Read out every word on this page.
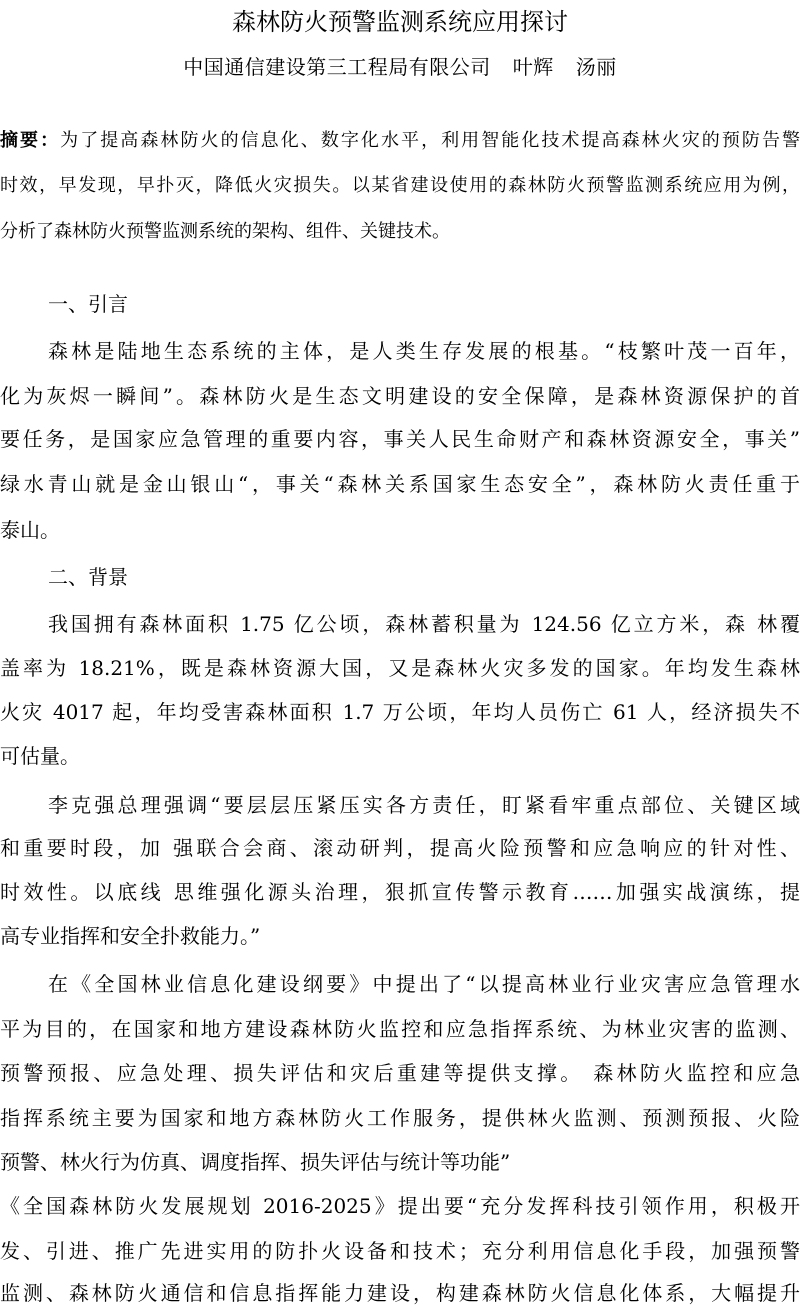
森林防火预警监测系统应用探讨
中国通信建设第三工程局有限公司 叶辉 汤丽
摘要：为了提高森林防火的信息化、数字化水平，利用智能化技术提高森林火灾的预防告警
时效，早发现，早扑灭，降低火灾损失。以某省建设使用的森林防火预警监测系统应用为例，
分析了森林防火预警监测系统的架构、组件、关键技术。
一、引言
森林是陆地生态系统的主体，是人类生存发展的根基。“枝繁叶茂一百年，
化为灰烬一瞬间”。森林防火是生态文明建设的安全保障，是森林资源保护的首
要任务，是国家应急管理的重要内容，事关人民生命财产和森林资源安全，事关”
绿水青山就是金山银山“，事关“森林关系国家生态安全”，森林防火责任重于
泰山。
二、背景
我国拥有森林面积 1.75 亿公顷，森林蓄积量为 124.56 亿立方米，森 林覆
盖率为 18.21%，既是森林资源大国，又是森林火灾多发的国家。年均发生森林
火灾 4017 起，年均受害森林面积 1.7 万公顷，年均人员伤亡 61 人，经济损失不
可估量。
李克强总理强调“要层层压紧压实各方责任，盯紧看牢重点部位、关键区域
和重要时段，加 强联合会商、滚动研判，提高火险预警和应急响应的针对性、
时效性。以底线 思维强化源头治理，狠抓宣传警示教育……加强实战演练，提
高专业指挥和安全扑救能力。”
在《全国林业信息化建设纲要》中提出了“以提高林业行业灾害应急管理水
平为目的，在国家和地方建设森林防火监控和应急指挥系统、为林业灾害的监测、
预警预报、应急处理、损失评估和灾后重建等提供支撑。 森林防火监控和应急
指挥系统主要为国家和地方森林防火工作服务，提供林火监测、预测预报、火险
预警、林火行为仿真、调度指挥、损失评估与统计等功能”
《全国森林防火发展规划 2016-2025》提出要“充分发挥科技引领作用，积极开
发、引进、推广先进实用的防扑火设备和技术；充分利用信息化手段，加强预警
监测、森林防火通信和信息指挥能力建设，构建森林防火信息化体系，大幅提升
